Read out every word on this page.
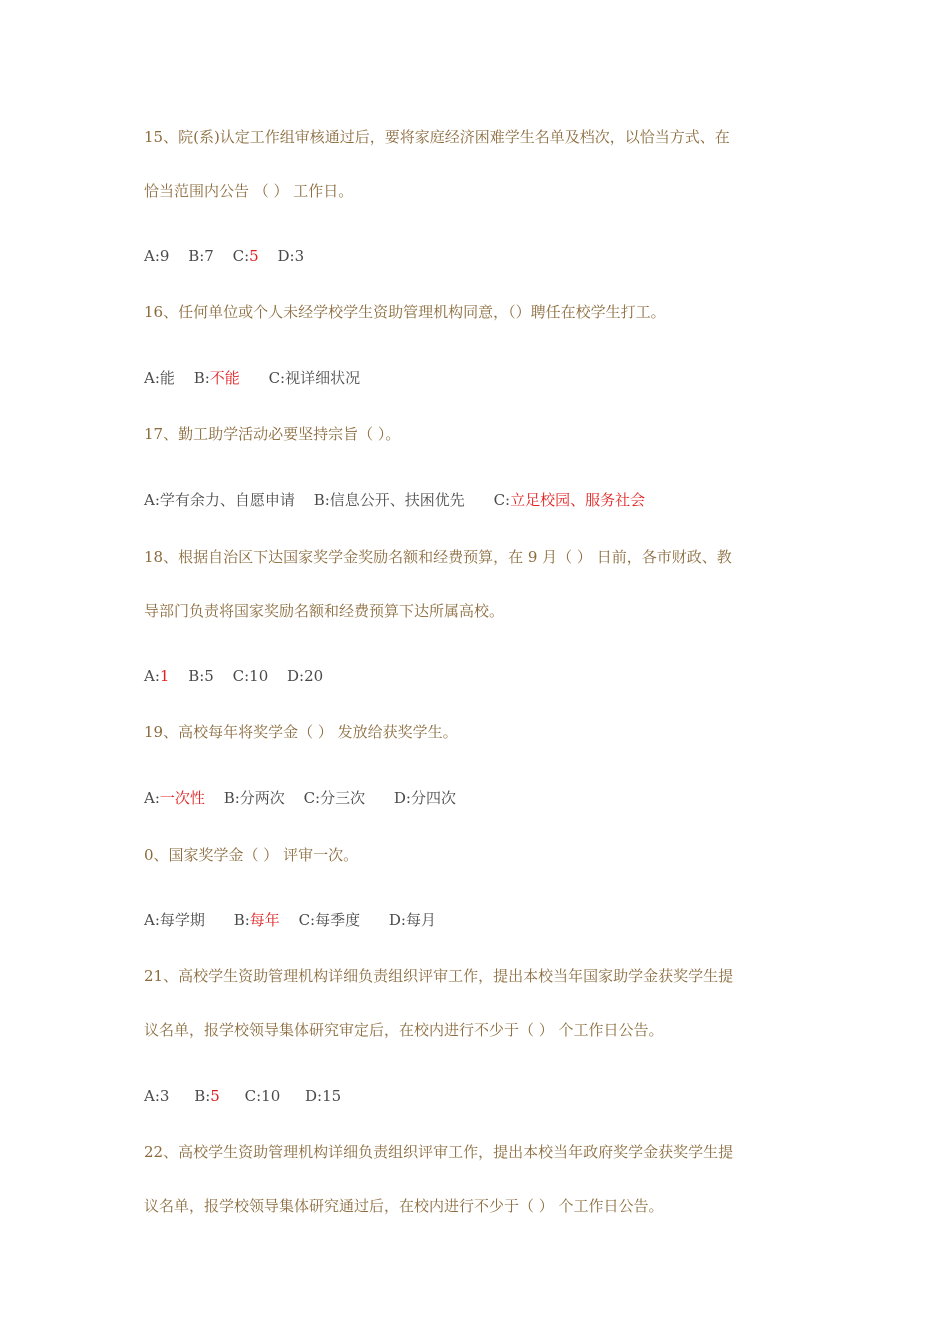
15、院(系)认定工作组审核通过后，要将家庭经济困难学生名单及档次，以恰当方式、在
恰当范围内公告 （ ） 工作日。
A:9 B:7 C:5 D:3
16、任何单位或个人未经学校学生资助管理机构同意，（）聘任在校学生打工。
A:能 B:不能 C:视详细状况
17、勤工助学活动必要坚持宗旨（ ）。
A:学有余力、自愿申请 B:信息公开、扶困优先 C:立足校园、服务社会
18、根据自治区下达国家奖学金奖励名额和经费预算，在 9 月（ ） 日前，各市财政、教
导部门负责将国家奖励名额和经费预算下达所属高校。
A:1 B:5 C:10 D:20
19、高校每年将奖学金（ ） 发放给获奖学生。
A:一次性 B:分两次 C:分三次 D:分四次
0、国家奖学金（ ） 评审一次。
A:每学期 B:每年 C:每季度 D:每月
21、高校学生资助管理机构详细负责组织评审工作，提出本校当年国家助学金获奖学生提
议名单，报学校领导集体研究审定后，在校内进行不少于（ ） 个工作日公告。
A:3 B:5 C:10 D:15
22、高校学生资助管理机构详细负责组织评审工作，提出本校当年政府奖学金获奖学生提
议名单，报学校领导集体研究通过后，在校内进行不少于（ ） 个工作日公告。
